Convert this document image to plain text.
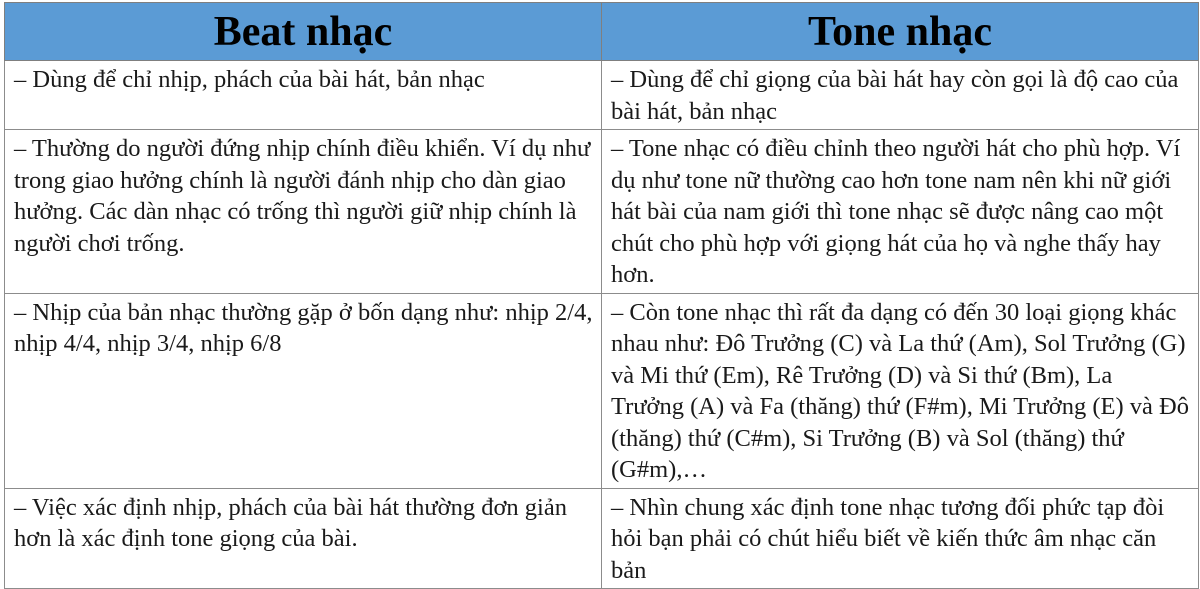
Beat nhạc	Tone nhạc

– Dùng để chỉ nhịp, phách của bài hát, bản nhạc	– Dùng để chỉ giọng của bài hát hay còn gọi là độ cao của bài hát, bản nhạc

– Thường do người đứng nhịp chính điều khiển. Ví dụ như trong giao hưởng chính là người đánh nhịp cho dàn giao hưởng. Các dàn nhạc có trống thì người giữ nhịp chính là người chơi trống.	– Tone nhạc có điều chỉnh theo người hát cho phù hợp. Ví dụ như tone nữ thường cao hơn tone nam nên khi nữ giới hát bài của nam giới thì tone nhạc sẽ được nâng cao một chút cho phù hợp với giọng hát của họ và nghe thấy hay hơn.

– Nhịp của bản nhạc thường gặp ở bốn dạng như: nhịp 2/4, nhịp 4/4, nhịp 3/4, nhịp 6/8	– Còn tone nhạc thì rất đa dạng có đến 30 loại giọng khác nhau như: Đô Trưởng (C) và La thứ (Am), Sol Trưởng (G) và Mi thứ (Em), Rê Trưởng (D) và Si thứ (Bm), La Trưởng (A) và Fa (thăng) thứ (F#m), Mi Trưởng (E) và Đô (thăng) thứ (C#m), Si Trưởng (B) và Sol (thăng) thứ (G#m),…

– Việc xác định nhịp, phách của bài hát thường đơn giản hơn là xác định tone giọng của bài.	– Nhìn chung xác định tone nhạc tương đối phức tạp đòi hỏi bạn phải có chút hiểu biết về kiến thức âm nhạc căn bản
